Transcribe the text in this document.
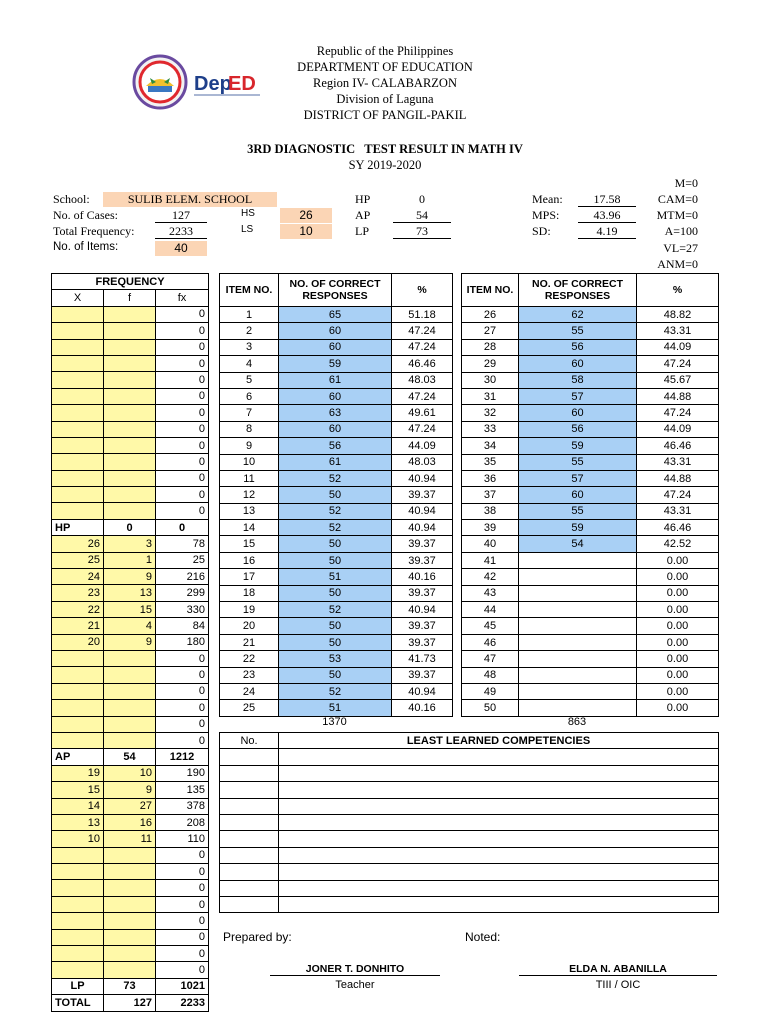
Dep
ED
Republic of the Philippines
DEPARTMENT OF EDUCATION
Region IV- CALABARZON
Division of Laguna
DISTRICT OF PANGIL-PAKIL
3RD DIAGNOSTIC   TEST RESULT IN MATH IV
SY 2019-2020
School:	SULIB ELEM. SCHOOL
No. of Cases:	127
Total Frequency:	2233
No. of Items:	40
HS	26
LS	10
HP	0
AP	54
LP	73
Mean:	17.58
MPS:	43.96
SD:	4.19
M=0
CAM=0
MTM=0
A=100
VL=27
ANM=0
FREQUENCY		
X	f	fx
		0
		0
		0
		0
		0
		0
		0
		0
		0
		0
		0
		0
		0
HP	0	0
26	3	78
25	1	25
24	9	216
23	13	299
22	15	330
21	4	84
20	9	180
		0
		0
		0
		0
		0
		0
AP	54	1212
19	10	190
15	9	135
14	27	378
13	16	208
10	11	110
		0
		0
		0
		0
		0
		0
		0
		0
LP	73	1021
TOTAL	127	2233
ITEM NO.	NO. OF CORRECT RESPONSES	%
1	65	51.18
2	60	47.24
3	60	47.24
4	59	46.46
5	61	48.03
6	60	47.24
7	63	49.61
8	60	47.24
9	56	44.09
10	61	48.03
11	52	40.94
12	50	39.37
13	52	40.94
14	52	40.94
15	50	39.37
16	50	39.37
17	51	40.16
18	50	39.37
19	52	40.94
20	50	39.37
21	50	39.37
22	53	41.73
23	50	39.37
24	52	40.94
25	51	40.16
ITEM NO.	NO. OF CORRECT RESPONSES	%
26	62	48.82
27	55	43.31
28	56	44.09
29	60	47.24
30	58	45.67
31	57	44.88
32	60	47.24
33	56	44.09
34	59	46.46
35	55	43.31
36	57	44.88
37	60	47.24
38	55	43.31
39	59	46.46
40	54	42.52
41		0.00
42		0.00
43		0.00
44		0.00
45		0.00
46		0.00
47		0.00
48		0.00
49		0.00
50		0.00
1370	863
No.	LEAST LEARNED COMPETENCIES

Prepared by:	Noted:
JONER T. DONHITO
Teacher
ELDA N. ABANILLA
TIII / OIC
